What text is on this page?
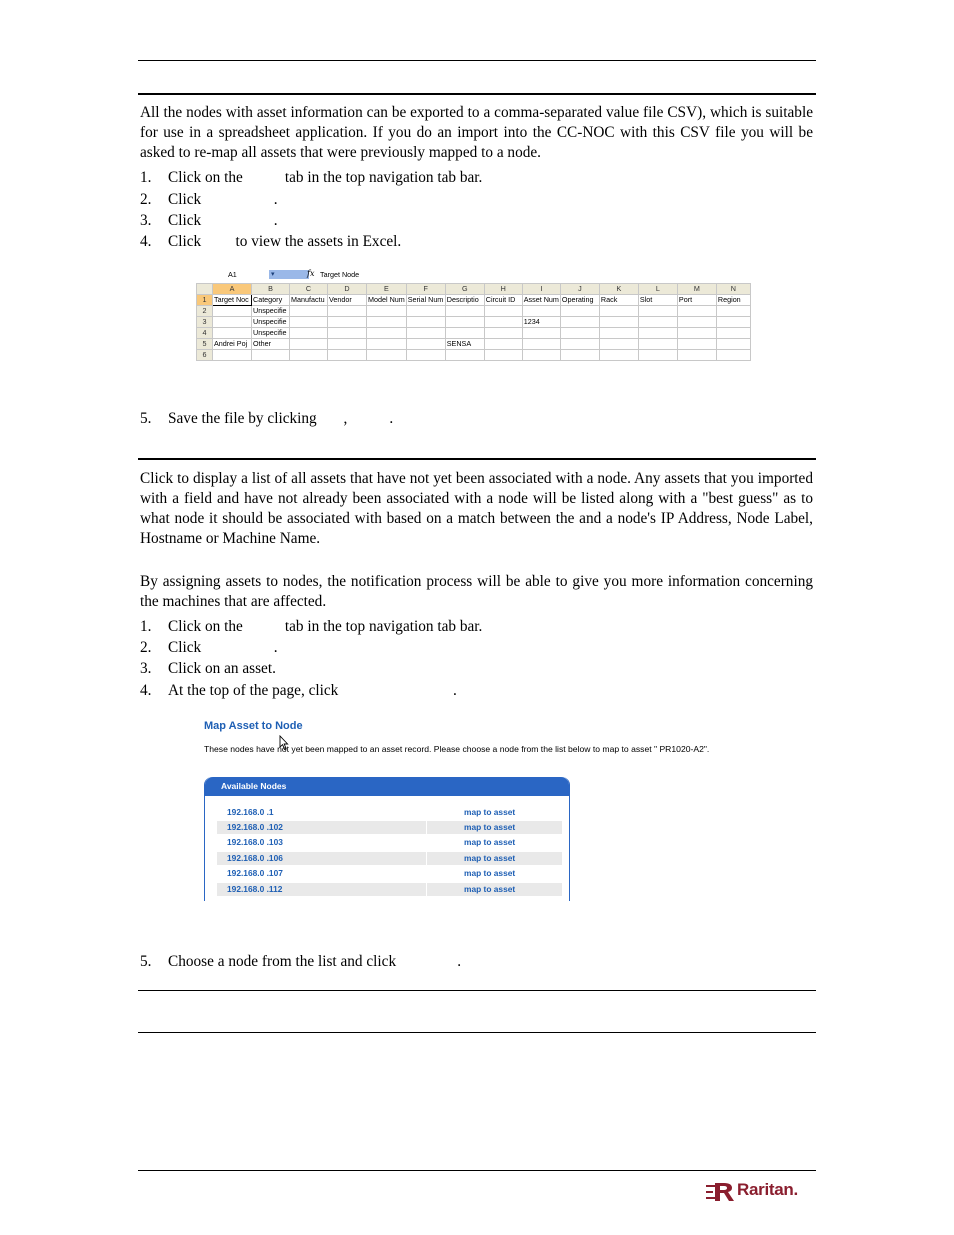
All the nodes with asset information can be exported to a comma-separated value file CSV), which is suitable for use in a spreadsheet application. If you do an import into the CC-NOC with this CSV file you will be asked to re-map all assets that were previously mapped to a node.
1. Click on the           tab in the top navigation tab bar.
2. Click                   .
3. Click                   .
4. Click         to view the assets in Excel.
A1	▾	fx Target Node
	A	B	C	D	E	F	G	H	I	J	K	L	M	N
1	Target Noc	Category	Manufactu	Vendor	Model Num	Serial Num	Descriptio	Circuit ID	Asset Num	Operating	Rack	Slot	Port	Region
2		Unspecifie												
3		Unspecifie							1234					
4		Unspecifie												
5	Andrei Poj	Other					SENSA							
6														
5. Save the file by clicking       ,           .
Click to display a list of all assets that have not yet been associated with a node. Any assets that you imported with a field and have not already been associated with a node will be listed along with a "best guess" as to what node it should be associated with based on a match between the and a node's IP Address, Node Label, Hostname or Machine Name.
By assigning assets to nodes, the notification process will be able to give you more information concerning the machines that are affected.
1. Click on the           tab in the top navigation tab bar.
2. Click                   .
3. Click on an asset.
4. At the top of the page, click                              .
Map Asset to Node
These nodes have not yet been mapped to an asset record. Please choose a node from the list below to map to asset " PR1020-A2".
Available Nodes
192.168.0 .1	map to asset
192.168.0 .102	map to asset
192.168.0 .103	map to asset
192.168.0 .106	map to asset
192.168.0 .107	map to asset
192.168.0 .112	map to asset
5. Choose a node from the list and click                .
Raritan.
